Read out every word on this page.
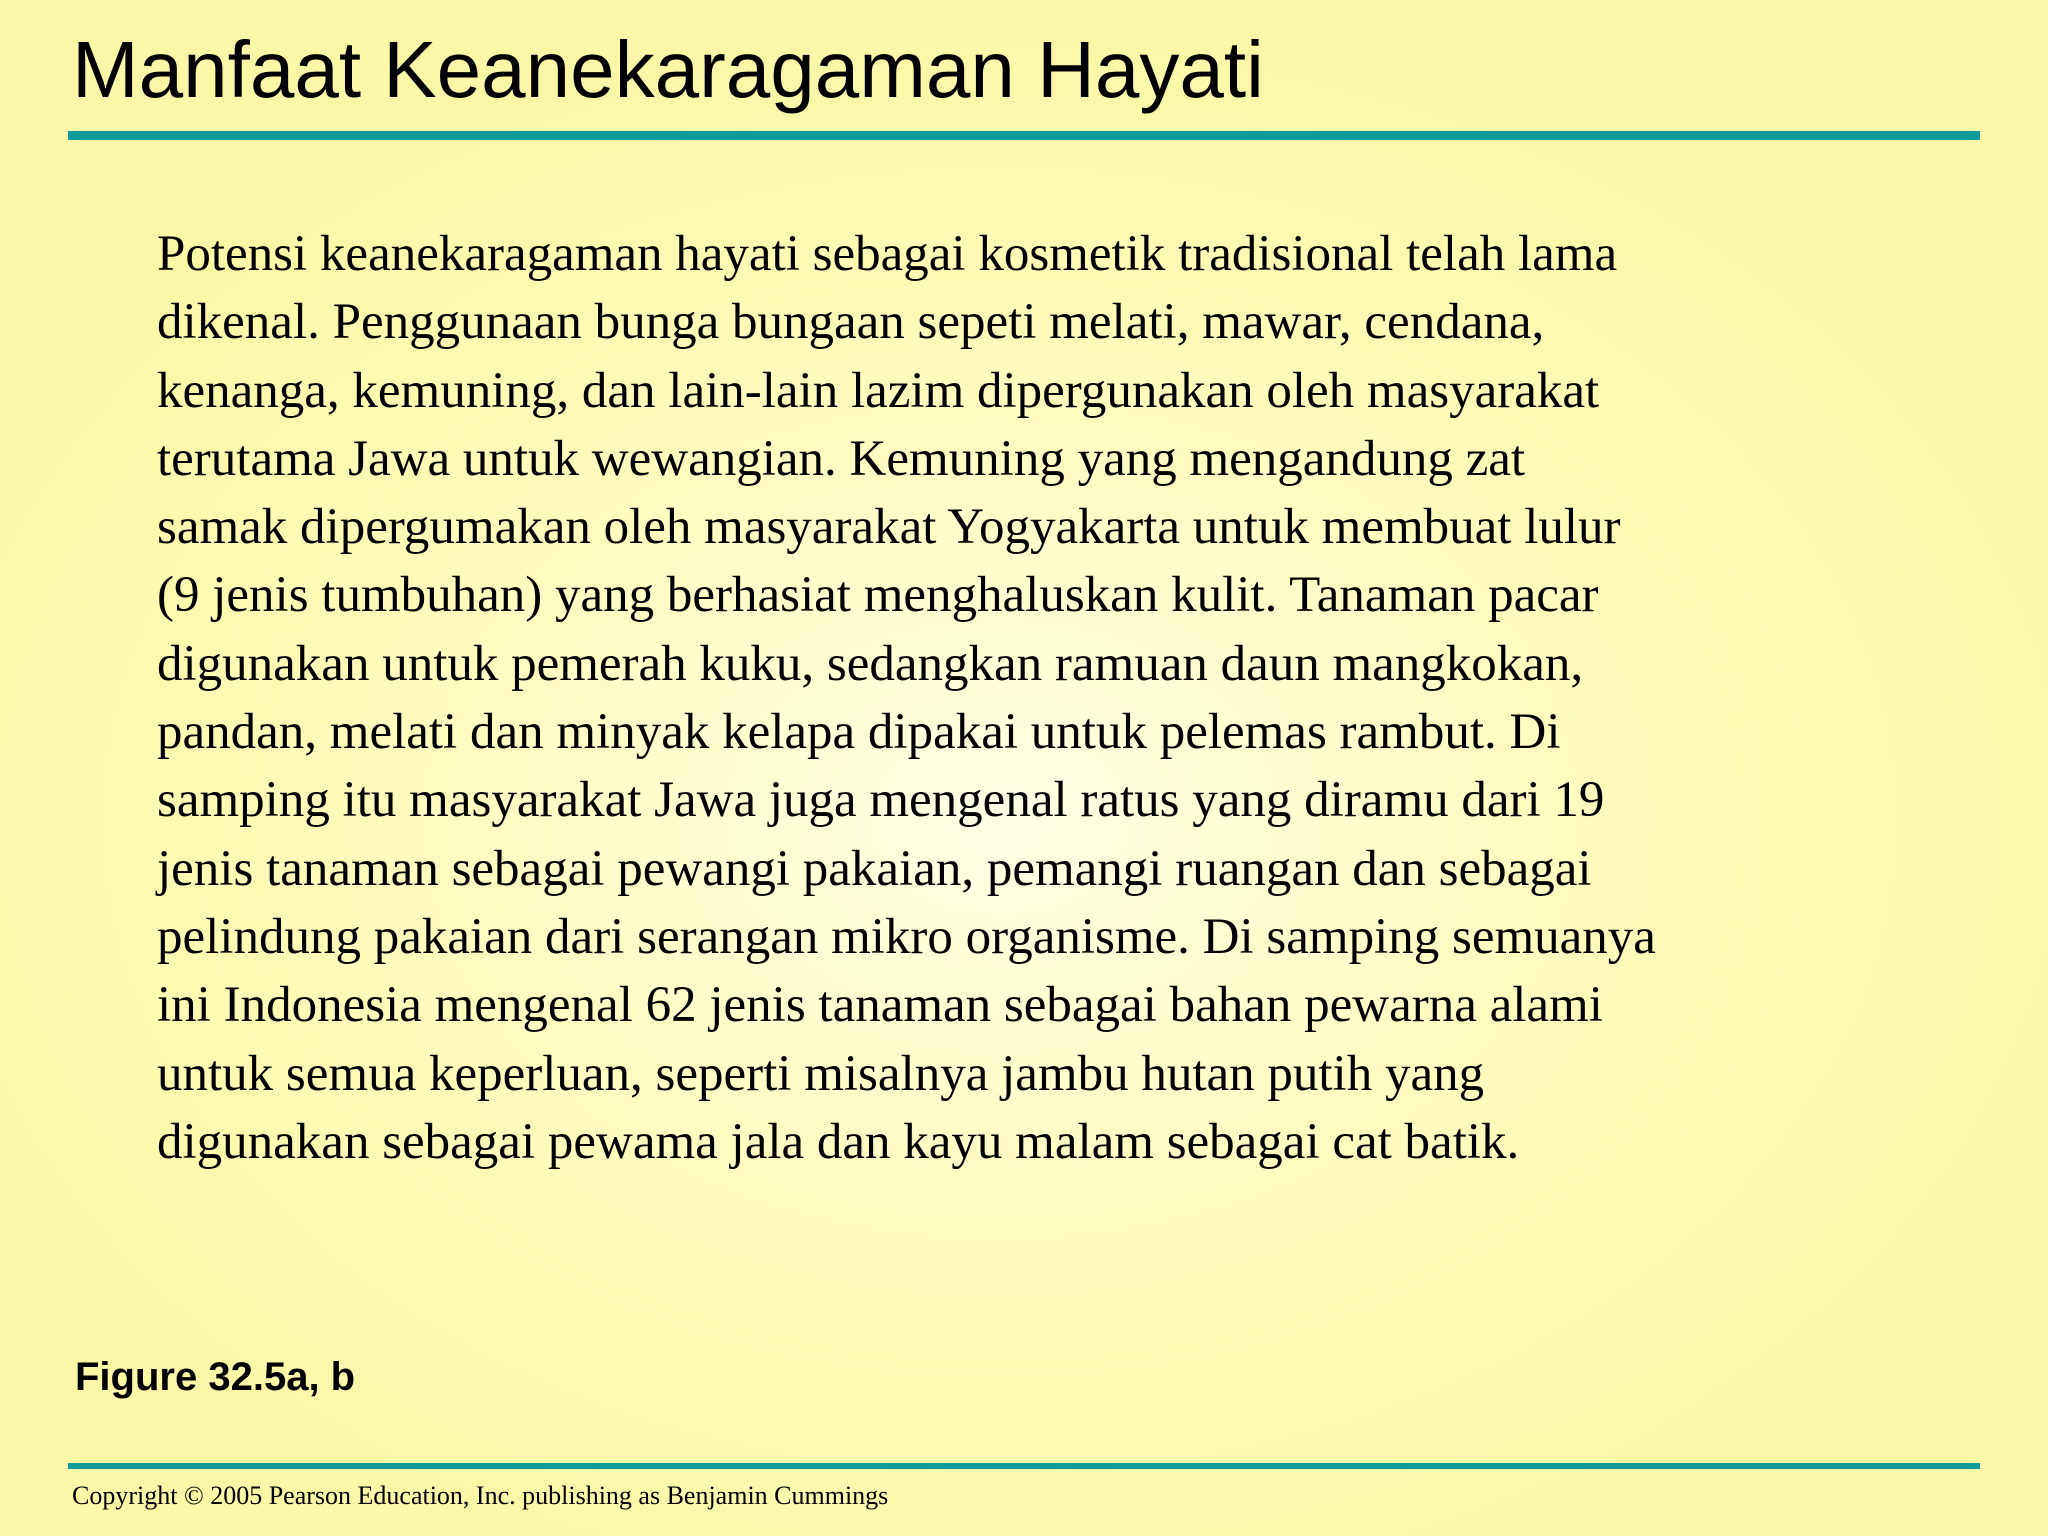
Manfaat Keanekaragaman Hayati

Potensi keanekaragaman hayati sebagai kosmetik tradisional telah lama
dikenal. Penggunaan bunga bungaan sepeti melati, mawar, cendana,
kenanga, kemuning, dan lain-lain lazim dipergunakan oleh masyarakat
terutama Jawa untuk wewangian. Kemuning yang mengandung zat
samak dipergumakan oleh masyarakat Yogyakarta untuk membuat lulur
(9 jenis tumbuhan) yang berhasiat menghaluskan kulit. Tanaman pacar
digunakan untuk pemerah kuku, sedangkan ramuan daun mangkokan,
pandan, melati dan minyak kelapa dipakai untuk pelemas rambut. Di
samping itu masyarakat Jawa juga mengenal ratus yang diramu dari 19
jenis tanaman sebagai pewangi pakaian, pemangi ruangan dan sebagai
pelindung pakaian dari serangan mikro organisme. Di samping semuanya
ini Indonesia mengenal 62 jenis tanaman sebagai bahan pewarna alami
untuk semua keperluan, seperti misalnya jambu hutan putih yang
digunakan sebagai pewama jala dan kayu malam sebagai cat batik.

Figure 32.5a, b

Copyright © 2005 Pearson Education, Inc. publishing as Benjamin Cummings
